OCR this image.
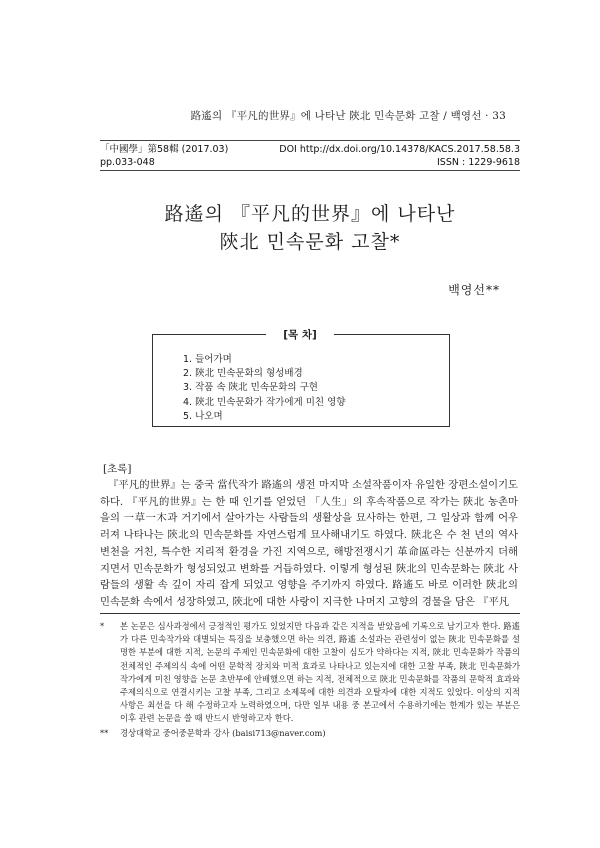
路遙의 『平凡的世界』에 나타난 陝北 민속문화 고찰 / 백영선 · 33
「中國學」第58輯 (2017.03)	DOI http://dx.doi.org/10.14378/KACS.2017.58.58.3
pp.033-048	ISSN : 1229-9618
路遙의 『平凡的世界』에 나타난
陝北 민속문화 고찰*
백영선**
[목 차]
1. 들어가며
2. 陝北 민속문화의 형성배경
3. 작품 속 陝北 민속문화의 구현
4. 陝北 민속문화가 작가에게 미친 영향
5. 나오며
[초록]
『平凡的世界』는 중국 當代작가 路遙의 생전 마지막 소설작품이자 유일한 장편소설이기도 하다. 『平凡的世界』는 한 때 인기를 얻었던 「人生」의 후속작품으로 작가는 陝北 농촌마을의 一草一木과 거기에서 살아가는 사람들의 생활상을 묘사하는 한편, 그 일상과 함께 어우러져 나타나는 陝北의 민속문화를 자연스럽게 묘사해내기도 하였다. 陝北은 수 천 년의 역사변천을 거친, 특수한 지리적 환경을 가진 지역으로, 해방전쟁시기 革命區라는 신분까지 더해지면서 민속문화가 형성되었고 변화를 거듭하였다. 이렇게 형성된 陝北의 민속문화는 陝北 사람들의 생활 속 깊이 자리 잡게 되었고 영향을 주기까지 하였다. 路遙도 바로 이러한 陝北의 민속문화 속에서 성장하였고, 陝北에 대한 사랑이 지극한 나머지 고향의 경물을 담은 『平凡
*	본 논문은 심사과정에서 긍정적인 평가도 있었지만 다음과 같은 지적을 받았음에 기록으로 남기고자 한다. 路遙가 다른 민속작가와 대별되는 특징을 보충했으면 하는 의견, 路遙 소설과는 관련성이 없는 陝北 민속문화를 설명한 부분에 대한 지적, 논문의 주제인 민속문화에 대한 고찰이 심도가 약하다는 지적, 陝北 민속문화가 작품의 전체적인 주제의식 속에 어떤 문학적 장치와 미적 효과로 나타나고 있는지에 대한 고찰 부족, 陝北 민속문화가 작가에게 미친 영향을 논문 초반부에 안배했으면 하는 지적, 전체적으로 陝北 민속문화를 작품의 문학적 효과와 주제의식으로 연결시키는 고찰 부족, 그리고 소제목에 대한 의견과 오탈자에 대한 지적도 있었다. 이상의 지적 사항은 최선을 다 해 수정하고자 노력하였으며, 다만 일부 내용 중 본고에서 수용하기에는 한계가 있는 부분은 이후 관련 논문을 쓸 때 반드시 반영하고자 한다.
**	경상대학교 중어중문학과 강사 (baisi713@naver.com)
